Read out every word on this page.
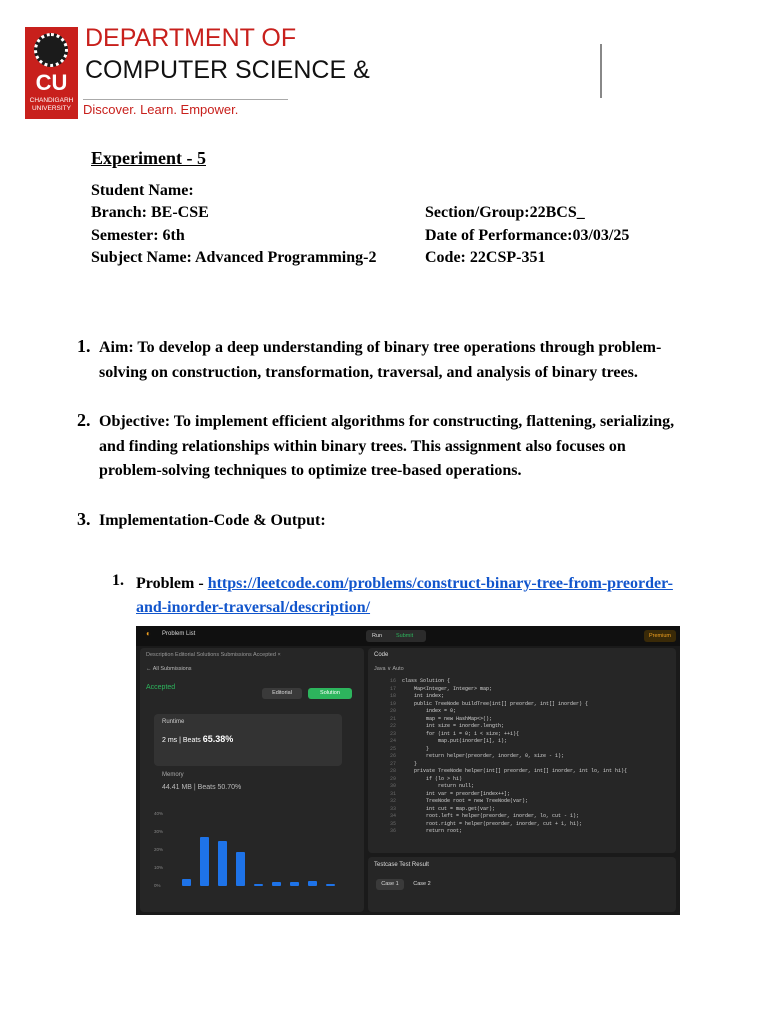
CU
CHANDIGARH UNIVERSITY
DEPARTMENT OF
COMPUTER SCIENCE &
Discover. Learn. Empower.
Experiment - 5
Student Name:
Branch: BE-CSE	Section/Group:22BCS_
Semester: 6th	Date of Performance:03/03/25
Subject Name: Advanced Programming-2	Code: 22CSP-351
1. Aim: To develop a deep understanding of binary tree operations through problem-solving on construction, transformation, traversal, and analysis of binary trees.
2. Objective: To implement efficient algorithms for constructing, flattening, serializing, and finding relationships within binary trees. This assignment also focuses on problem-solving techniques to optimize tree-based operations.
3. Implementation-Code & Output:
1. Problem - https://leetcode.com/problems/construct-binary-tree-from-preorder-and-inorder-traversal/description/
◐ Problem List	Run	Submit	Premium
Description Editorial Solutions Submissions Accepted ×
← All Submissions
Accepted
Editorial	Solution
Runtime
2 ms | Beats 65.38%
Memory
44.41 MB | Beats 50.70%
40%
30%
20%
10%
0%
Code
Java ∨ Auto
16 class Solution {
17    Map<Integer, Integer> map;
18    int index;
19    public TreeNode buildTree(int[] preorder, int[] inorder) {
20        index = 0;
21        map = new HashMap<>();
22        int size = inorder.length;
23        for (int i = 0; i < size; ++i){
24            map.put(inorder[i], i);
25        }
26        return helper(preorder, inorder, 0, size - 1);
27    }
28    private TreeNode helper(int[] preorder, int[] inorder, int lo, int hi){
29        if (lo > hi)
30            return null;
31        int var = preorder[index++];
32        TreeNode root = new TreeNode(var);
33        int cut = map.get(var);
34        root.left = helper(preorder, inorder, lo, cut - 1);
35        root.right = helper(preorder, inorder, cut + 1, hi);
36        return root;
Testcase Test Result
Case 1	Case 2
